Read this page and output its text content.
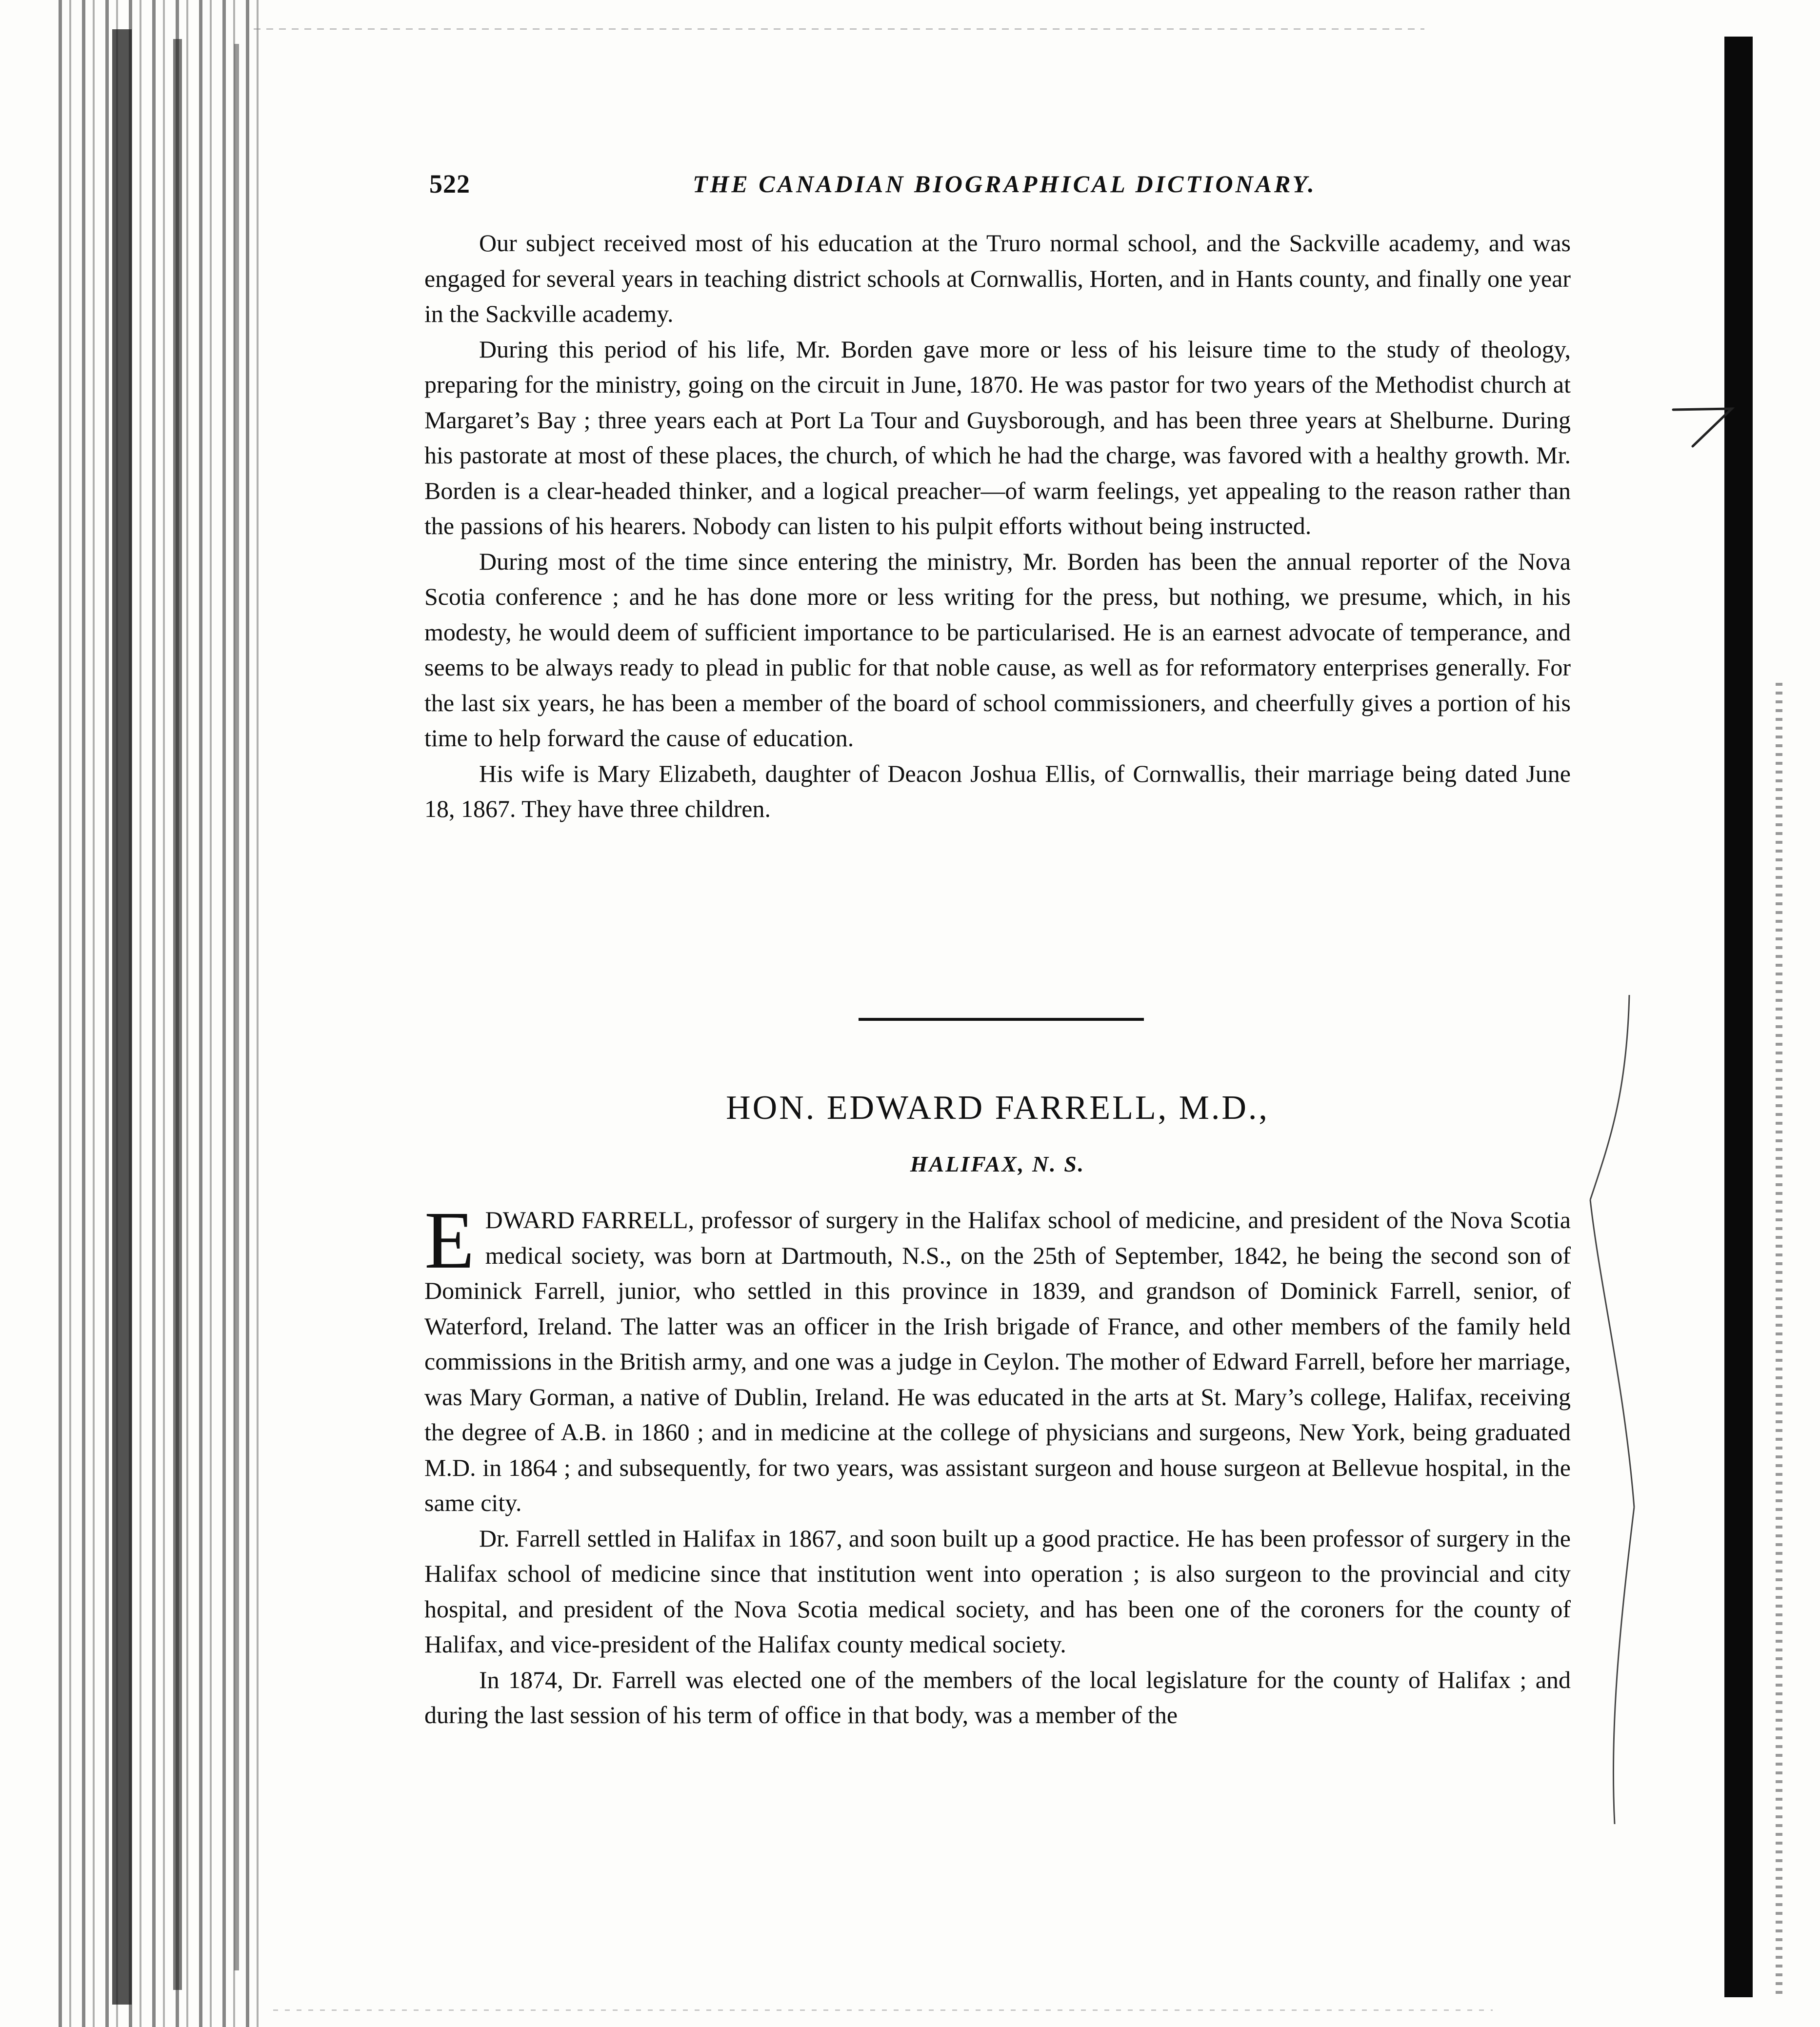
522	THE CANADIAN BIOGRAPHICAL DICTIONARY.

Our subject received most of his education at the Truro normal school, and the Sackville academy, and was engaged for several years in teaching district schools at Cornwallis, Horten, and in Hants county, and finally one year in the Sackville academy.

During this period of his life, Mr. Borden gave more or less of his leisure time to the study of theology, preparing for the ministry, going on the circuit in June, 1870. He was pastor for two years of the Methodist church at Margaret’s Bay ; three years each at Port La Tour and Guysborough, and has been three years at Shelburne. During his pastorate at most of these places, the church, of which he had the charge, was favored with a healthy growth. Mr. Borden is a clear-headed thinker, and a logical preacher—of warm feelings, yet appealing to the reason rather than the passions of his hearers. Nobody can listen to his pulpit efforts without being instructed.

During most of the time since entering the ministry, Mr. Borden has been the annual reporter of the Nova Scotia conference ; and he has done more or less writing for the press, but nothing, we presume, which, in his modesty, he would deem of sufficient importance to be particularised. He is an earnest advocate of temperance, and seems to be always ready to plead in public for that noble cause, as well as for reformatory enterprises generally. For the last six years, he has been a member of the board of school commissioners, and cheerfully gives a portion of his time to help forward the cause of education.

His wife is Mary Elizabeth, daughter of Deacon Joshua Ellis, of Cornwallis, their marriage being dated June 18, 1867. They have three children.

HON. EDWARD FARRELL, M.D.,
HALIFAX, N. S.

EDWARD FARRELL, professor of surgery in the Halifax school of medicine, and president of the Nova Scotia medical society, was born at Dartmouth, N.S., on the 25th of September, 1842, he being the second son of Dominick Farrell, junior, who settled in this province in 1839, and grandson of Dominick Farrell, senior, of Waterford, Ireland. The latter was an officer in the Irish brigade of France, and other members of the family held commissions in the British army, and one was a judge in Ceylon. The mother of Edward Farrell, before her marriage, was Mary Gorman, a native of Dublin, Ireland. He was educated in the arts at St. Mary’s college, Halifax, receiving the degree of A.B. in 1860 ; and in medicine at the college of physicians and surgeons, New York, being graduated M.D. in 1864 ; and subsequently, for two years, was assistant surgeon and house surgeon at Bellevue hospital, in the same city.

Dr. Farrell settled in Halifax in 1867, and soon built up a good practice. He has been professor of surgery in the Halifax school of medicine since that institution went into operation ; is also surgeon to the provincial and city hospital, and president of the Nova Scotia medical society, and has been one of the coroners for the county of Halifax, and vice-president of the Halifax county medical society.

In 1874, Dr. Farrell was elected one of the members of the local legislature for the county of Halifax ; and during the last session of his term of office in that body, was a member of the
